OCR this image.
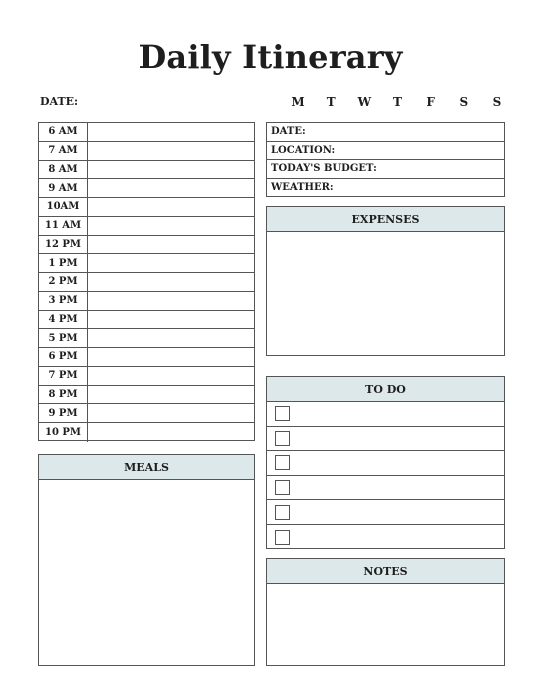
Daily Itinerary
DATE:	M T W T	F	S	S
6 AM
7 AM
8 AM
9 AM
10AM
11 AM
12 PM
1 PM
2 PM
3 PM
4 PM
5 PM
6 PM
7 PM
8 PM
9 PM
10 PM
DATE:
LOCATION:
TODAY'S BUDGET:
WEATHER:
EXPENSES
TO DO
NOTES
MEALS
